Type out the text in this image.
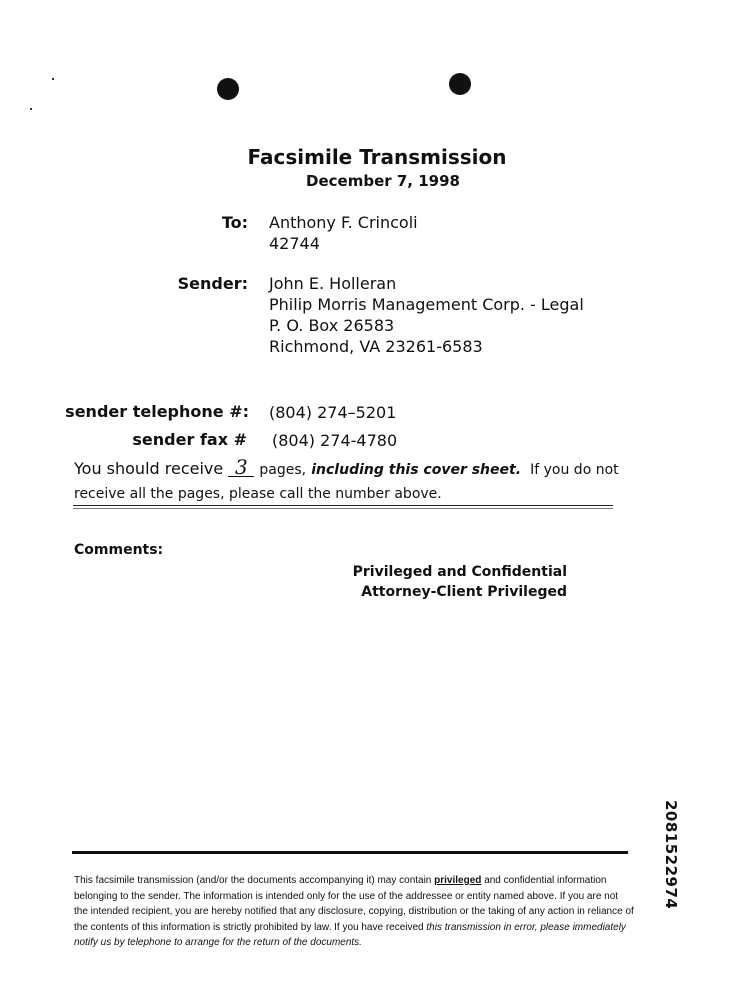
Facsimile Transmission
December 7, 1998
To: Anthony F. Crincoli
42744
Sender: John E. Holleran
Philip Morris Management Corp. - Legal
P. O. Box 26583
Richmond, VA 23261-6583
sender telephone #: (804) 274–5201
sender fax # (804) 274-4780
You should receive 3 pages, including this cover sheet. If you do not
receive all the pages, please call the number above.
Comments:
Privileged and Confidential
Attorney-Client Privileged
2081522974
This facsimile transmission (and/or the documents accompanying it) may contain privileged and confidential information belonging to the sender. The information is intended only for the use of the addressee or entity named above. If you are not the intended recipient, you are hereby notified that any disclosure, copying, distribution or the taking of any action in reliance of the contents of this information is strictly prohibited by law. If you have received this transmission in error, please immediately notify us by telephone to arrange for the return of the documents.
